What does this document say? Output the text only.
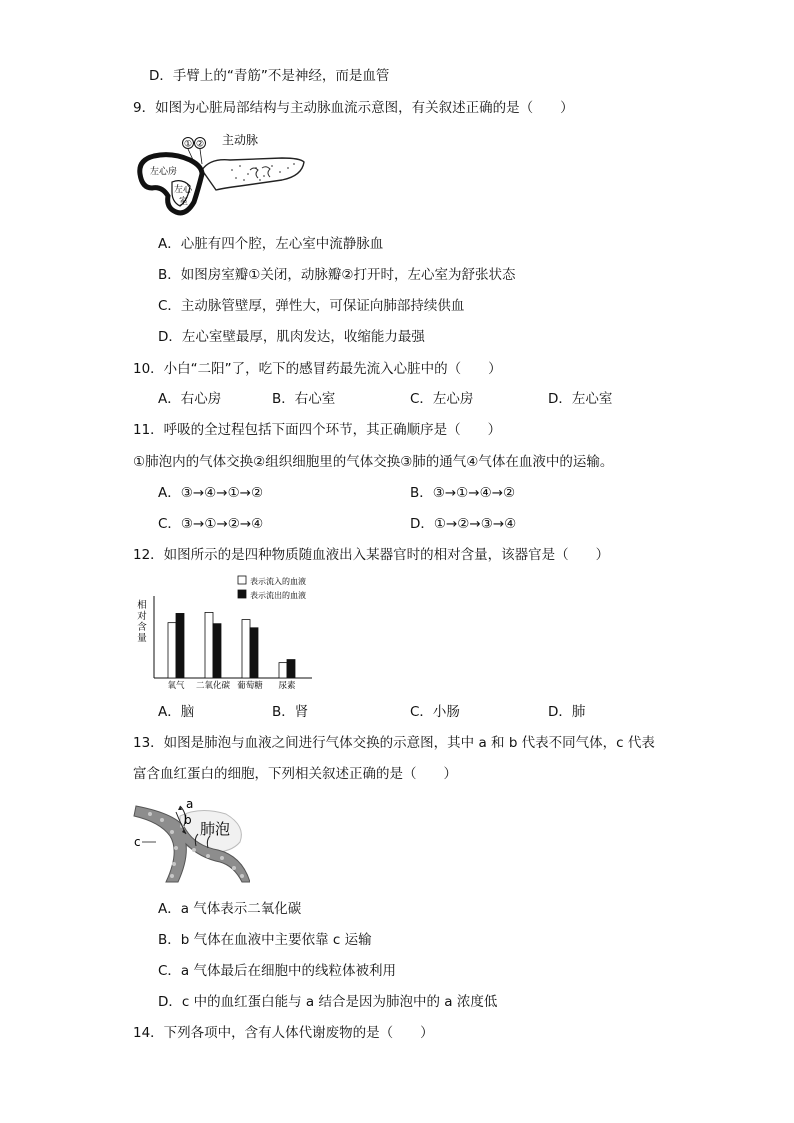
D．手臂上的“青筋”不是神经，而是血管
9．如图为心脏局部结构与主动脉血流示意图，有关叙述正确的是（　　）
① ② 主动脉
左心房
左心
室
A．心脏有四个腔，左心室中流静脉血
B．如图房室瓣①关闭，动脉瓣②打开时，左心室为舒张状态
C．主动脉管壁厚，弹性大，可保证向肺部持续供血
D．左心室壁最厚，肌肉发达，收缩能力最强
10．小白“二阳”了，吃下的感冒药最先流入心脏中的（　　）
A．右心房	B．右心室	C．左心房	D．左心室
11．呼吸的全过程包括下面四个环节，其正确顺序是（　　）
①肺泡内的气体交换②组织细胞里的气体交换③肺的通气④气体在血液中的运输。
A．③→④→①→②	B．③→①→④→②
C．③→①→②→④	D．①→②→③→④
12．如图所示的是四种物质随血液出入某器官时的相对含量，该器官是（　　）
表示流入的血液
表示流出的血液
相
对
含
量
氧气 二氧化碳 葡萄糖 尿素
A．脑	B．肾	C．小肠	D．肺
13．如图是肺泡与血液之间进行气体交换的示意图，其中 a 和 b 代表不同气体，c 代表
富含血红蛋白的细胞，下列相关叙述正确的是（　　）
肺泡
a
b
c
A．a 气体表示二氧化碳
B．b 气体在血液中主要依靠 c 运输
C．a 气体最后在细胞中的线粒体被利用
D．c 中的血红蛋白能与 a 结合是因为肺泡中的 a 浓度低
14．下列各项中，含有人体代谢废物的是（　　）
